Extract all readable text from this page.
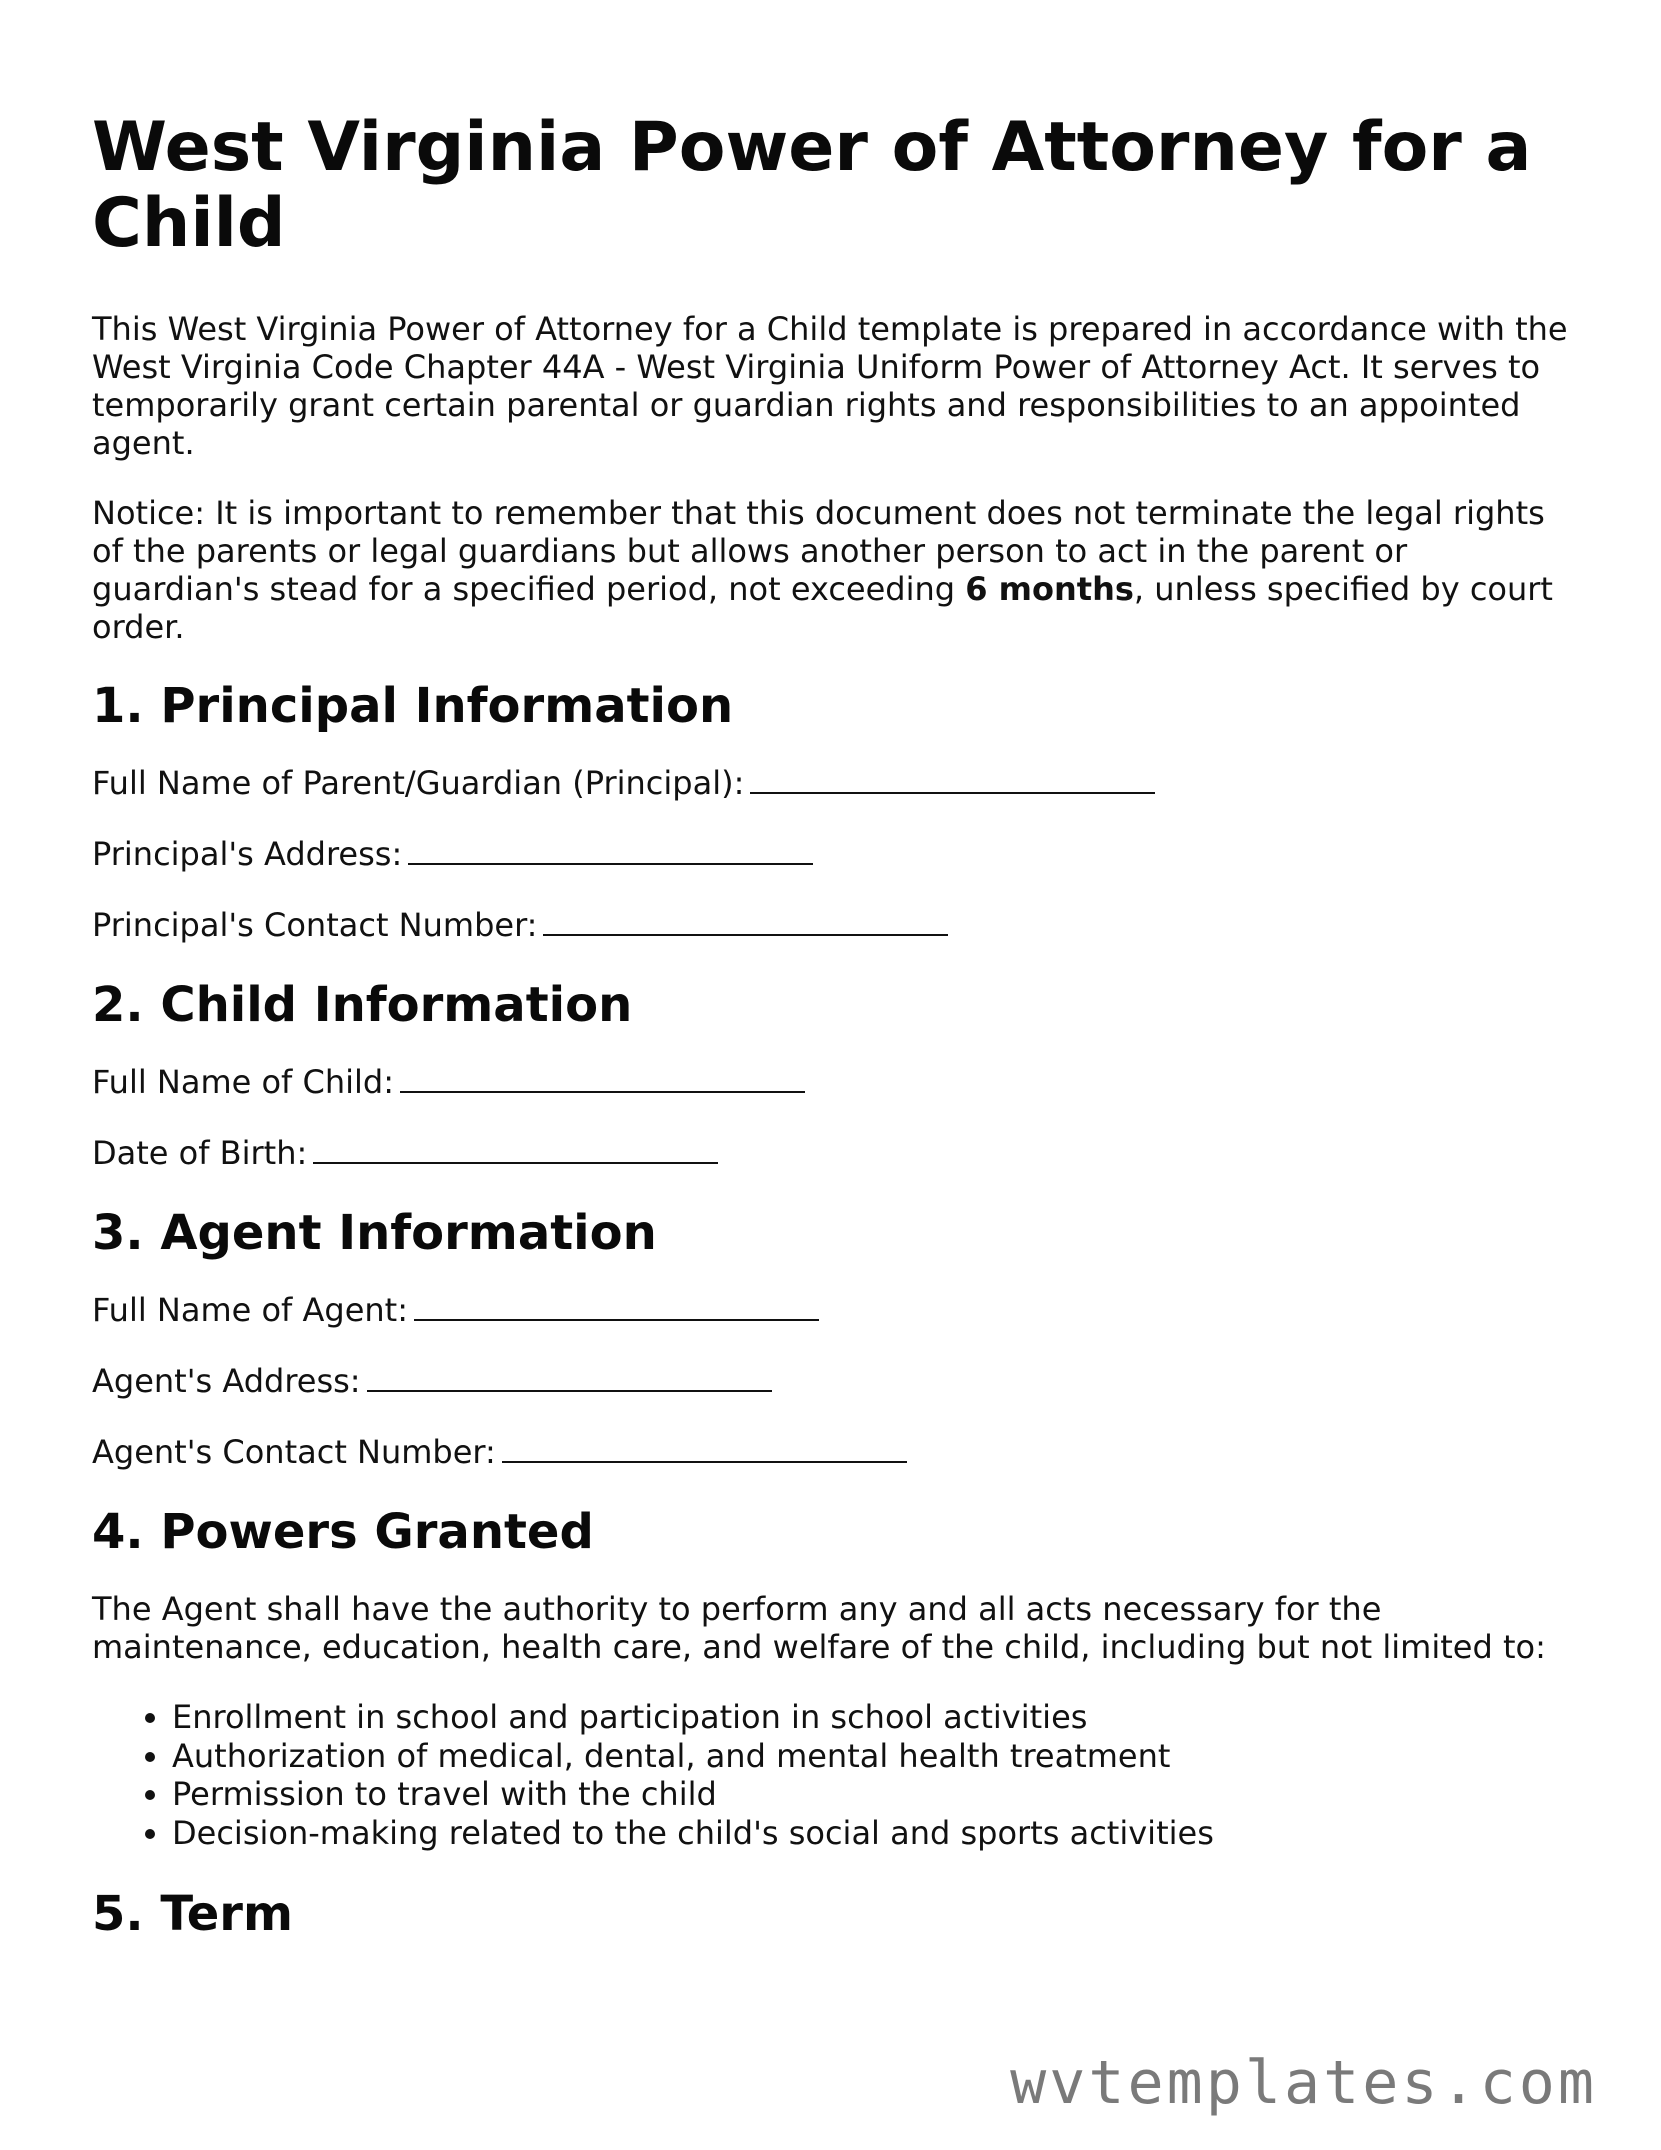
West Virginia Power of Attorney for a Child

This West Virginia Power of Attorney for a Child template is prepared in accordance with the West Virginia Code Chapter 44A - West Virginia Uniform Power of Attorney Act. It serves to temporarily grant certain parental or guardian rights and responsibilities to an appointed agent.

Notice: It is important to remember that this document does not terminate the legal rights of the parents or legal guardians but allows another person to act in the parent or guardian's stead for a specified period, not exceeding 6 months, unless specified by court order.

1. Principal Information
Full Name of Parent/Guardian (Principal):
Principal's Address:
Principal's Contact Number:
2. Child Information
Full Name of Child:
Date of Birth:
3. Agent Information
Full Name of Agent:
Agent's Address:
Agent's Contact Number:
4. Powers Granted

The Agent shall have the authority to perform any and all acts necessary for the maintenance, education, health care, and welfare of the child, including but not limited to:

• Enrollment in school and participation in school activities
• Authorization of medical, dental, and mental health treatment
• Permission to travel with the child
• Decision-making related to the child's social and sports activities
5. Term
wvtemplates.com
